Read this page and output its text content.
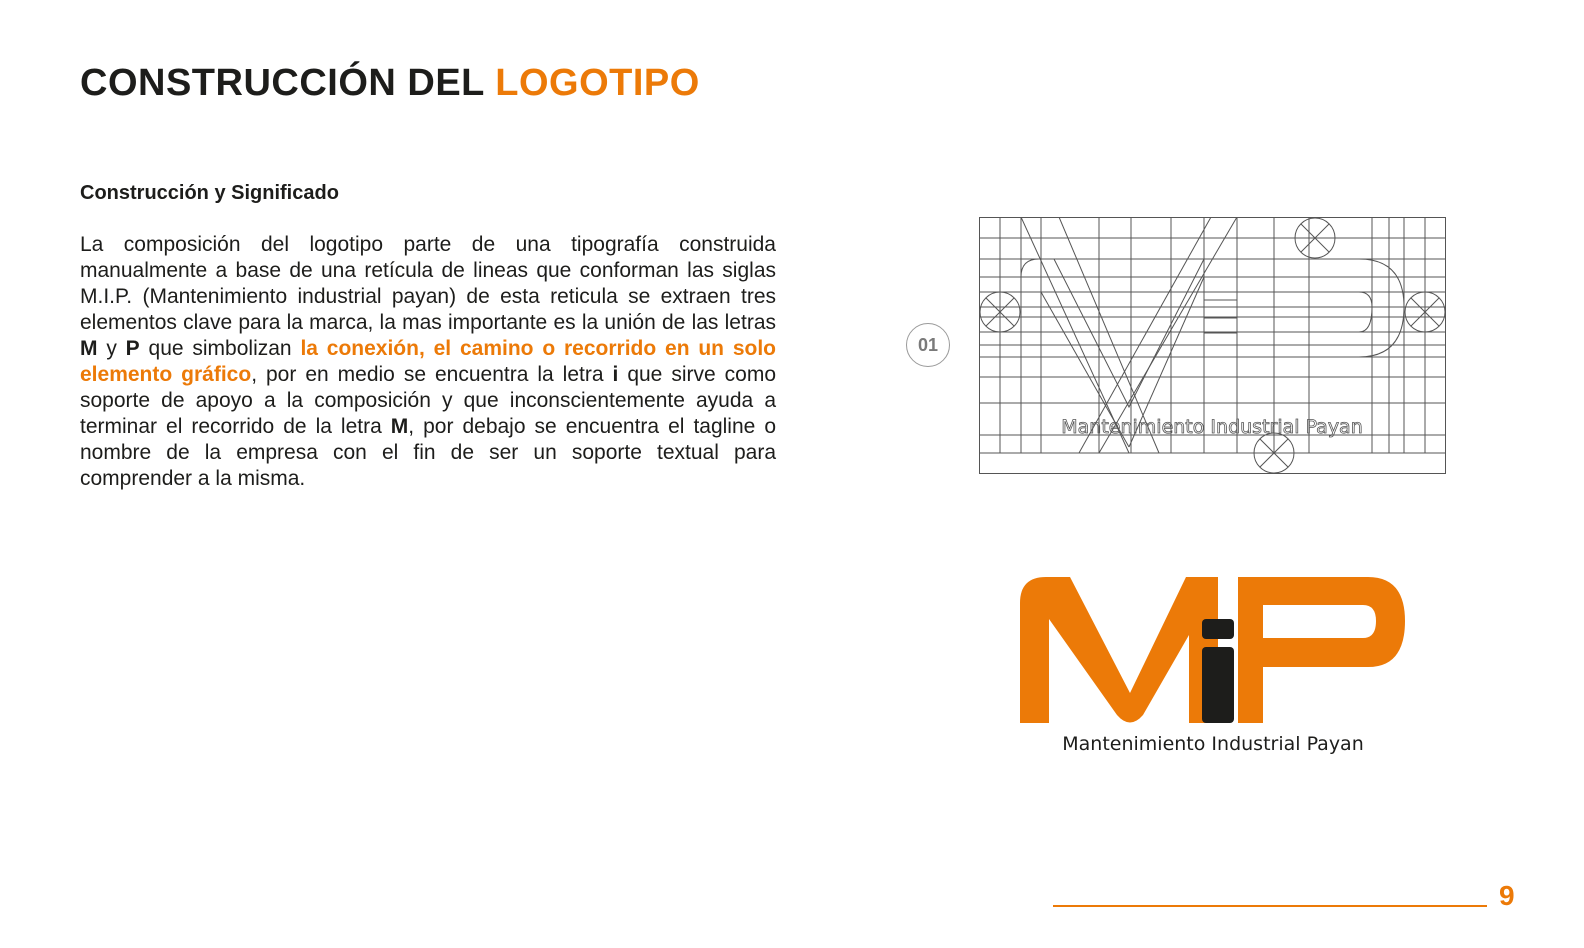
CONSTRUCCIÓN DEL LOGOTIPO
Construcción y Significado

La composición del logotipo parte de una tipografía construida manualmente a base de una retícula de lineas que conforman las siglas M.I.P. (Mantenimiento industrial payan) de esta reticula se extraen tres elementos clave para la marca, la mas importante es la unión de las letras M y P que simbolizan la conexión, el camino o recorrido en un solo elemento gráfico, por en medio se encuentra la letra i que sirve como soporte de apoyo a la composición y que inconscientemente ayuda a terminar el recorrido de la letra M, por debajo se encuentra el tagline o nombre de la empresa con el fin de ser un soporte textual para comprender a la misma.

01
Mantenimiento Industrial Payan
Mantenimiento Industrial Payan
9
